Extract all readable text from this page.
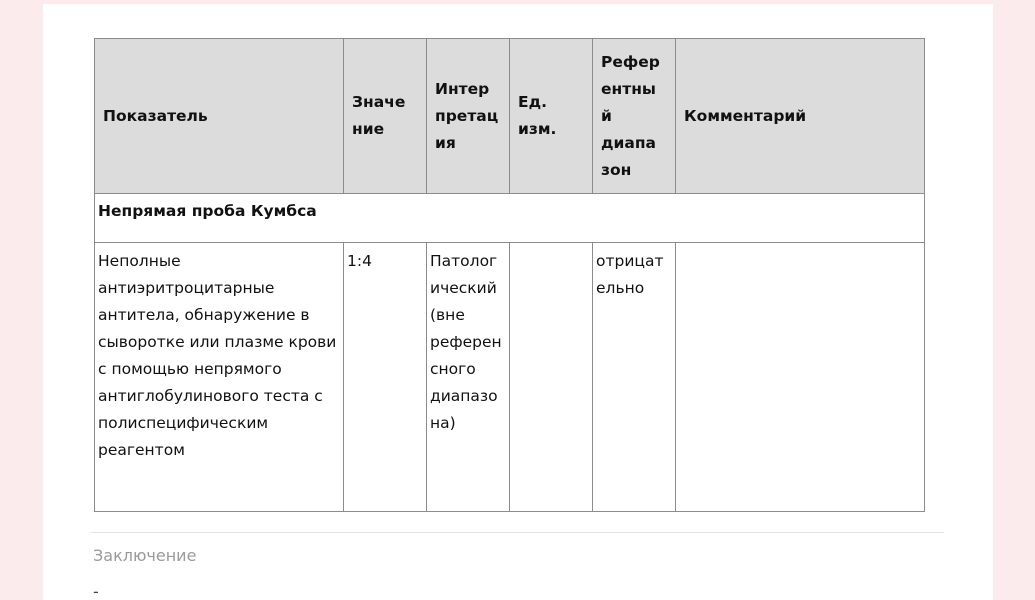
Показатель	Значе ние	Интер претац ия	Ед. изм.	Рефер ентны й диапа зон	Комментарий
Непрямая проба Кумбса					
Неполные антиэритроцитарные антитела, обнаружение в сыворотке или плазме крови с помощью непрямого антиглобулинового теста с полиспецифическим реагентом	1:4	Патолог ический (вне референ сного диапазо на)		отрицат ельно	
Заключение
-
